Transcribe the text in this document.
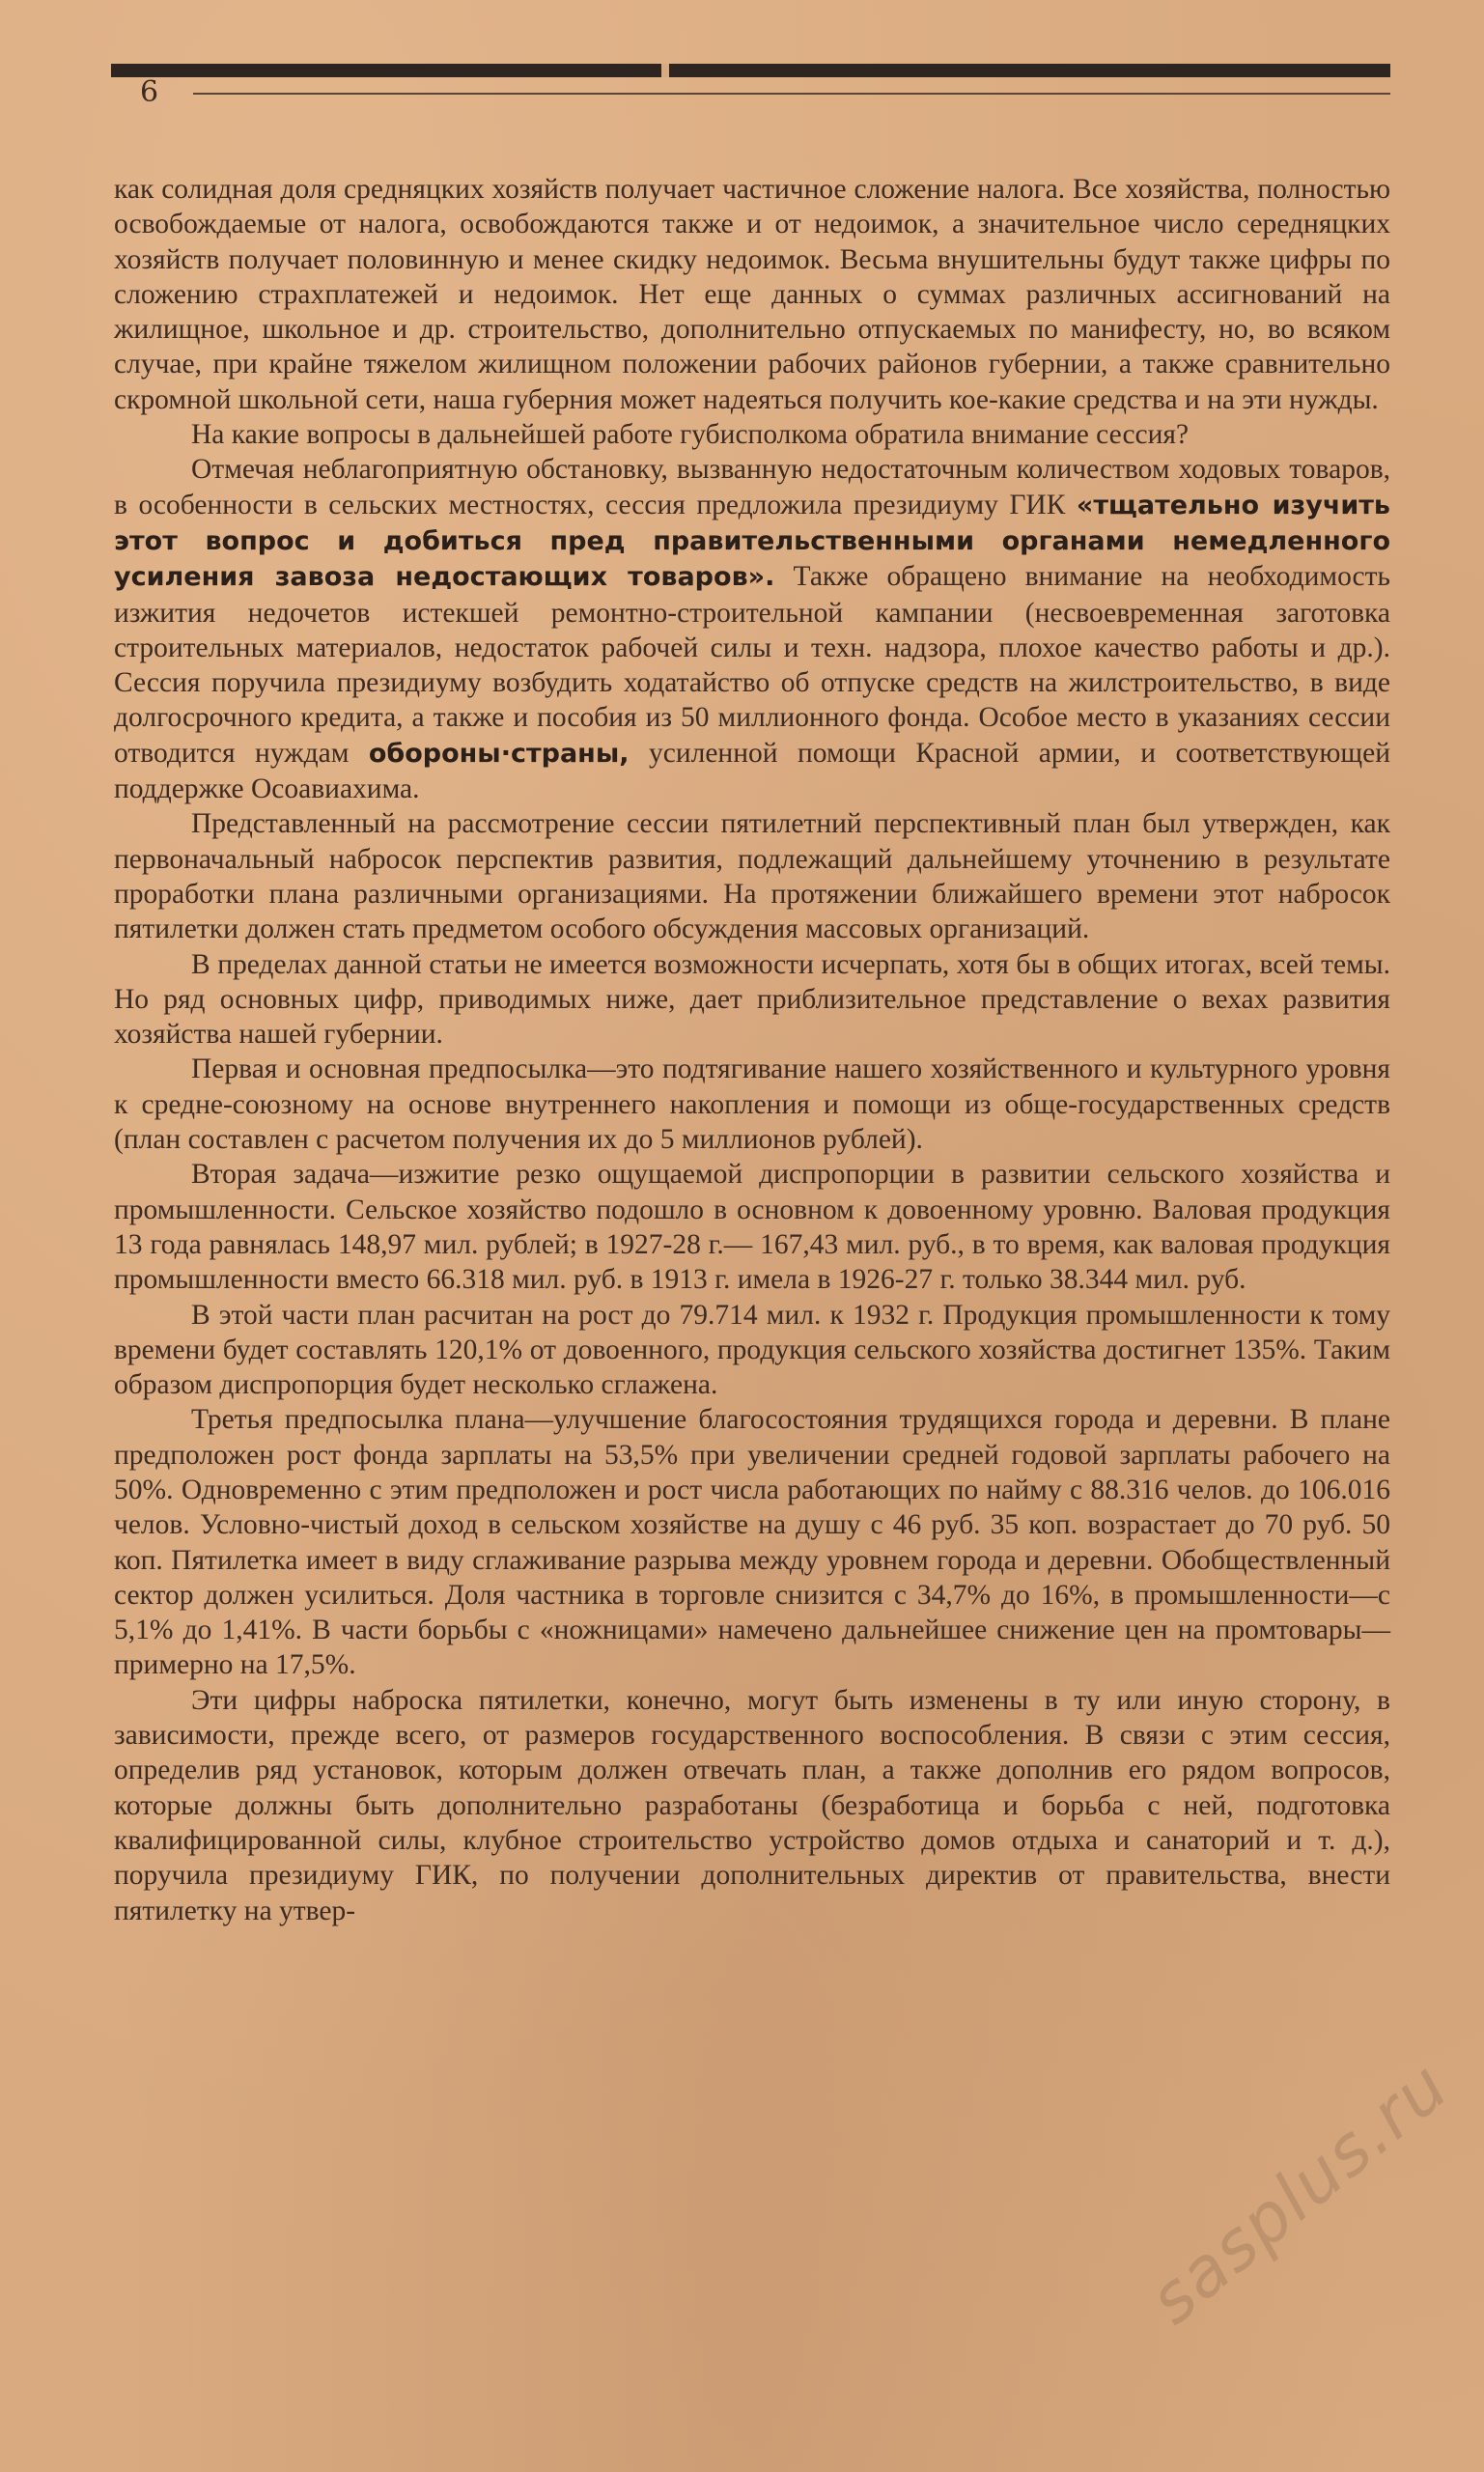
6

как солидная доля средняцких хозяйств получает частичное сложение налога. Все хозяйства, полностью освобождаемые от налога, освобождаются также и от недоимок, а значительное число середняцких хозяйств получает половинную и менее скидку недоимок. Весьма внушительны будут также цифры по сложению страхплатежей и недоимок. Нет еще данных о суммах различных ассигнований на жилищное, школьное и др. строительство, дополнительно отпускаемых по манифесту, но, во всяком случае, при крайне тяжелом жилищном положении рабочих районов губернии, а также сравнительно скромной школьной сети, наша губерния может надеяться получить кое-какие средства и на эти нужды.

На какие вопросы в дальнейшей работе губисполкома обратила внимание сессия?

Отмечая неблагоприятную обстановку, вызванную недостаточным количеством ходовых товаров, в особенности в сельских местностях, сессия предложила президиуму ГИК «тщательно изучить этот вопрос и добиться пред правительственными органами немедленного усиления завоза недостающих товаров». Также обращено внимание на необходимость изжития недочетов истекшей ремонтно-строительной кампании (несвоевременная заготовка строительных материалов, недостаток рабочей силы и техн. надзора, плохое качество работы и др.). Сессия поручила президиуму возбудить ходатайство об отпуске средств на жилстроительство, в виде долгосрочного кредита, а также и пособия из 50 миллионного фонда. Особое место в указаниях сессии отводится нуждам обороны·страны, усиленной помощи Красной армии, и соответствующей поддержке Осоавиахима.

Представленный на рассмотрение сессии пятилетний перспективный план был утвержден, как первоначальный набросок перспектив развития, подлежащий дальнейшему уточнению в результате проработки плана различными организациями. На протяжении ближайшего времени этот набросок пятилетки должен стать предметом особого обсуждения массовых организаций.

В пределах данной статьи не имеется возможности исчерпать, хотя бы в общих итогах, всей темы. Но ряд основных цифр, приводимых ниже, дает приблизительное представление о вехах развития хозяйства нашей губернии.

Первая и основная предпосылка—это подтягивание нашего хозяйственного и культурного уровня к средне-союзному на основе внутреннего накопления и помощи из обще-государственных средств (план составлен с расчетом получения их до 5 миллионов рублей).

Вторая задача—изжитие резко ощущаемой диспропорции в развитии сельского хозяйства и промышленности. Сельское хозяйство подошло в основном к довоенному уровню. Валовая продукция 13 года равнялась 148,97 мил. рублей; в 1927-28 г.— 167,43 мил. руб., в то время, как валовая продукция промышленности вместо 66.318 мил. руб. в 1913 г. имела в 1926-27 г. только 38.344 мил. руб.

В этой части план расчитан на рост до 79.714 мил. к 1932 г. Продукция промышленности к тому времени будет составлять 120,1% от довоенного, продукция сельского хозяйства достигнет 135%. Таким образом диспропорция будет несколько сглажена.

Третья предпосылка плана—улучшение благосостояния трудящихся города и деревни. В плане предположен рост фонда зарплаты на 53,5% при увеличении средней годовой зарплаты рабочего на 50%. Одновременно с этим предположен и рост числа работающих по найму с 88.316 челов. до 106.016 челов. Условно-чистый доход в сельском хозяйстве на душу с 46 руб. 35 коп. возрастает до 70 руб. 50 коп. Пятилетка имеет в виду сглаживание разрыва между уровнем города и деревни. Обобществленный сектор должен усилиться. Доля частника в торговле снизится с 34,7% до 16%, в промышленности—с 5,1% до 1,41%. В части борьбы с «ножницами» намечено дальнейшее снижение цен на промтовары—примерно на 17,5%.

Эти цифры наброска пятилетки, конечно, могут быть изменены в ту или иную сторону, в зависимости, прежде всего, от размеров государственного воспособления. В связи с этим сессия, определив ряд установок, которым должен отвечать план, а также дополнив его рядом вопросов, которые должны быть дополнительно разработаны (безработица и борьба с ней, подготовка квалифицированной силы, клубное строительство устройство домов отдыха и санаторий и т. д.), поручила президиуму ГИК, по получении дополнительных директив от правительства, внести пятилетку на утвер-

sasplus.ru
